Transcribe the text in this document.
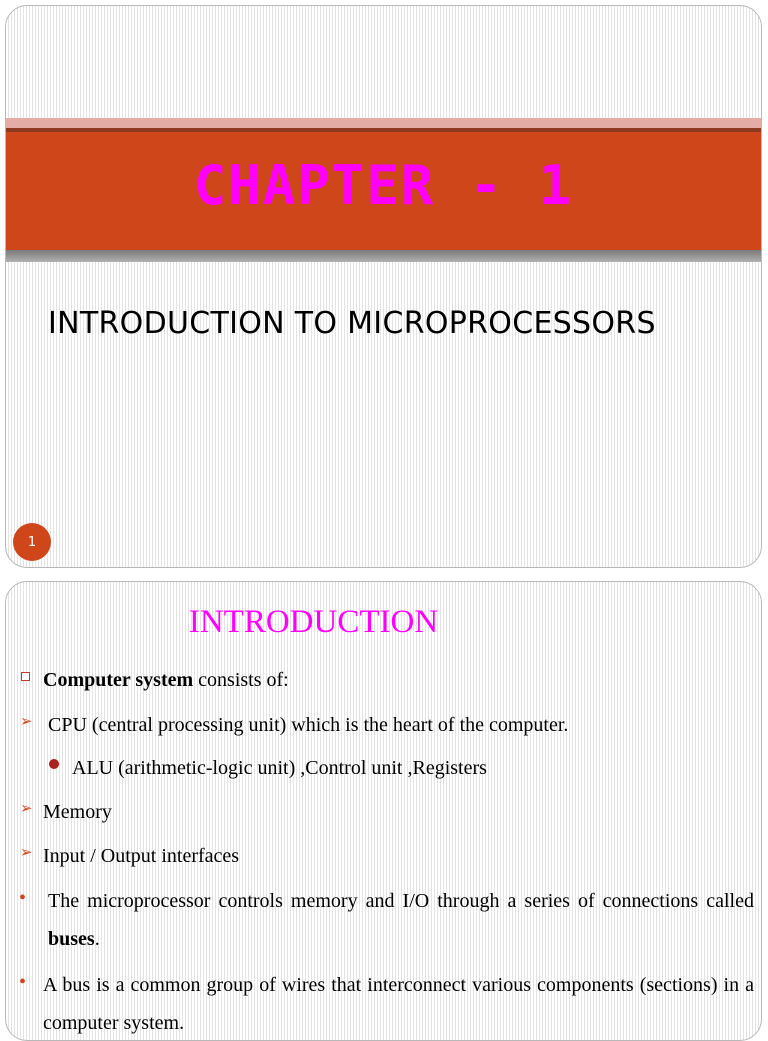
CHAPTER - 1
INTRODUCTION TO MICROPROCESSORS
1
INTRODUCTION
Computer system consists of:
➢ CPU (central processing unit) which is the heart of the computer.
ALU (arithmetic-logic unit) ,Control unit ,Registers
➢ Memory
➢ Input / Output interfaces
• The microprocessor controls memory and I/O through a series of connections called buses.
• A bus is a common group of wires that interconnect various components (sections) in a computer system.
